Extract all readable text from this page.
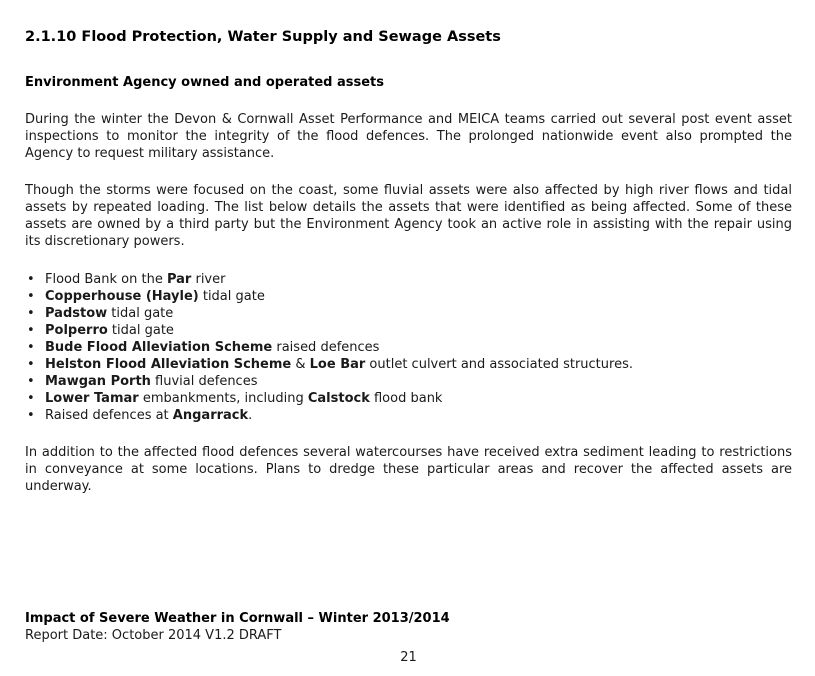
2.1.10 Flood Protection, Water Supply and Sewage Assets
Environment Agency owned and operated assets

During the winter the Devon & Cornwall Asset Performance and MEICA teams carried out several post event asset inspections to monitor the integrity of the flood defences. The prolonged nationwide event also prompted the Agency to request military assistance.

Though the storms were focused on the coast, some fluvial assets were also affected by high river flows and tidal assets by repeated loading. The list below details the assets that were identified as being affected. Some of these assets are owned by a third party but the Environment Agency took an active role in assisting with the repair using its discretionary powers.

• Flood Bank on the Par river
• Copperhouse (Hayle) tidal gate
• Padstow tidal gate
• Polperro tidal gate
• Bude Flood Alleviation Scheme raised defences
• Helston Flood Alleviation Scheme & Loe Bar outlet culvert and associated structures.
• Mawgan Porth fluvial defences
• Lower Tamar embankments, including Calstock flood bank
• Raised defences at Angarrack.

In addition to the affected flood defences several watercourses have received extra sediment leading to restrictions in conveyance at some locations. Plans to dredge these particular areas and recover the affected assets are underway.

Impact of Severe Weather in Cornwall – Winter 2013/2014
Report Date: October 2014 V1.2 DRAFT
21
